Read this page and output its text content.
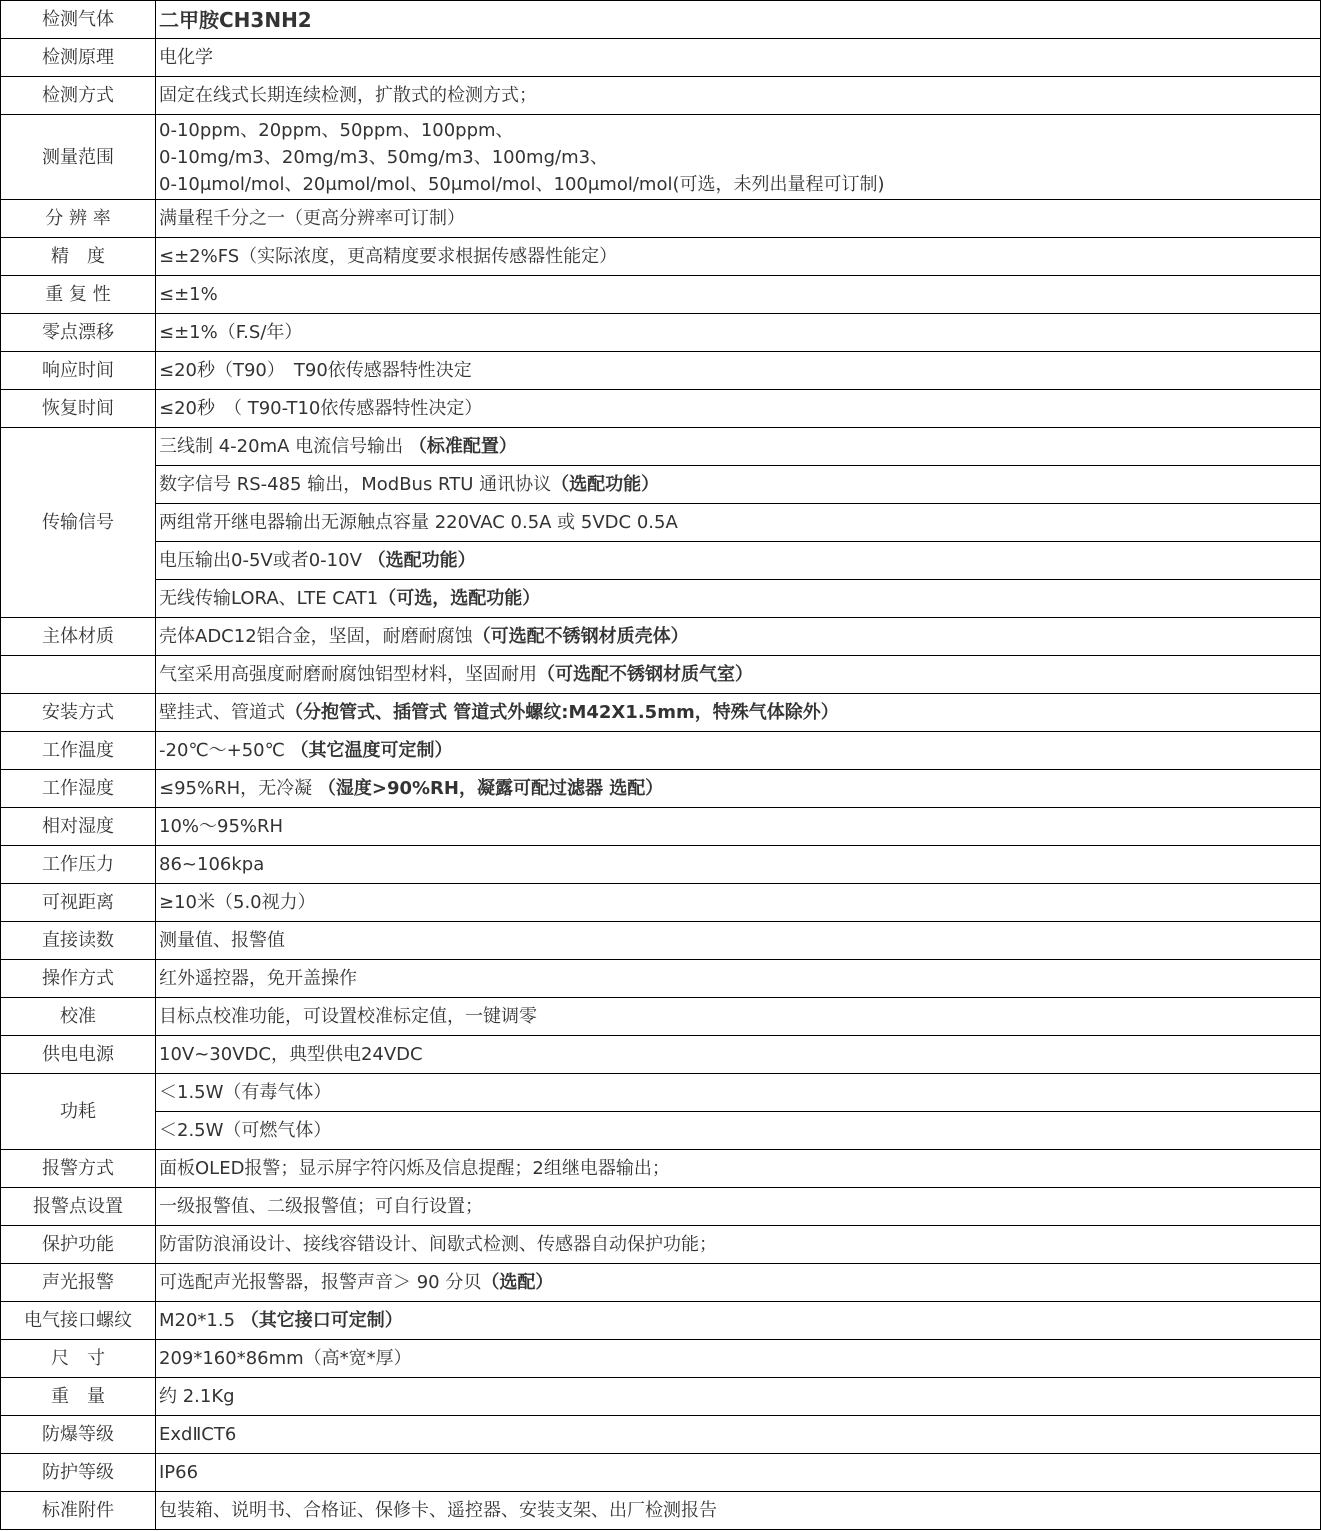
检测气体	二甲胺CH3NH2
检测原理	电化学
检测方式	固定在线式长期连续检测，扩散式的检测方式；
测量范围	0-10ppm、20ppm、50ppm、100ppm、
0-10mg/m3、20mg/m3、50mg/m3、100mg/m3、
0-10μmol/mol、20μmol/mol、50μmol/mol、100μmol/mol(可选，未列出量程可订制)

分 辨 率	满量程千分之一（更高分辨率可订制）
精　度	≤±2%FS（实际浓度，更高精度要求根据传感器性能定）
重 复 性	≤±1%
零点漂移	≤±1%（F.S/年）
响应时间	≤20秒（T90）　T90依传感器特性决定
恢复时间	≤20秒　（ T90-T10依传感器特性决定）
传输信号	三线制 4-20mA 电流信号输出 （标准配置）
	数字信号 RS-485 输出，ModBus RTU 通讯协议（选配功能）
	两组常开继电器输出无源触点容量 220VAC 0.5A 或 5VDC 0.5A
	电压输出0-5V或者0-10V （选配功能）
	无线传输LORA、LTE CAT1（可选，选配功能）
主体材质	壳体ADC12铝合金，坚固，耐磨耐腐蚀（可选配不锈钢材质壳体）
	气室采用高强度耐磨耐腐蚀铝型材料，坚固耐用（可选配不锈钢材质气室）
安装方式	壁挂式、管道式（分抱管式、插管式 管道式外螺纹:M42X1.5mm，特殊气体除外）
工作温度	-20℃～+50℃ （其它温度可定制）
工作湿度	≤95%RH，无冷凝 （湿度>90%RH，凝露可配过滤器 选配）
相对湿度	10%～95%RH
工作压力	86~106kpa
可视距离	≥10米（5.0视力）
直接读数	测量值、报警值
操作方式	红外遥控器，免开盖操作
校准	目标点校准功能，可设置校准标定值，一键调零
供电电源	10V~30VDC，典型供电24VDC
功耗	＜1.5W（有毒气体）
	＜2.5W（可燃气体）
报警方式	面板OLED报警；显示屏字符闪烁及信息提醒；2组继电器输出；
报警点设置	一级报警值、二级报警值；可自行设置；
保护功能	防雷防浪涌设计、接线容错设计、间歇式检测、传感器自动保护功能；
声光报警	可选配声光报警器，报警声音＞ 90 分贝（选配）
电气接口螺纹	M20*1.5 （其它接口可定制）
尺　寸	209*160*86mm（高*宽*厚）
重　量	约 2.1Kg
防爆等级	ExdⅡCT6
防护等级	IP66
标准附件	包装箱、说明书、合格证、保修卡、遥控器、安装支架、出厂检测报告
